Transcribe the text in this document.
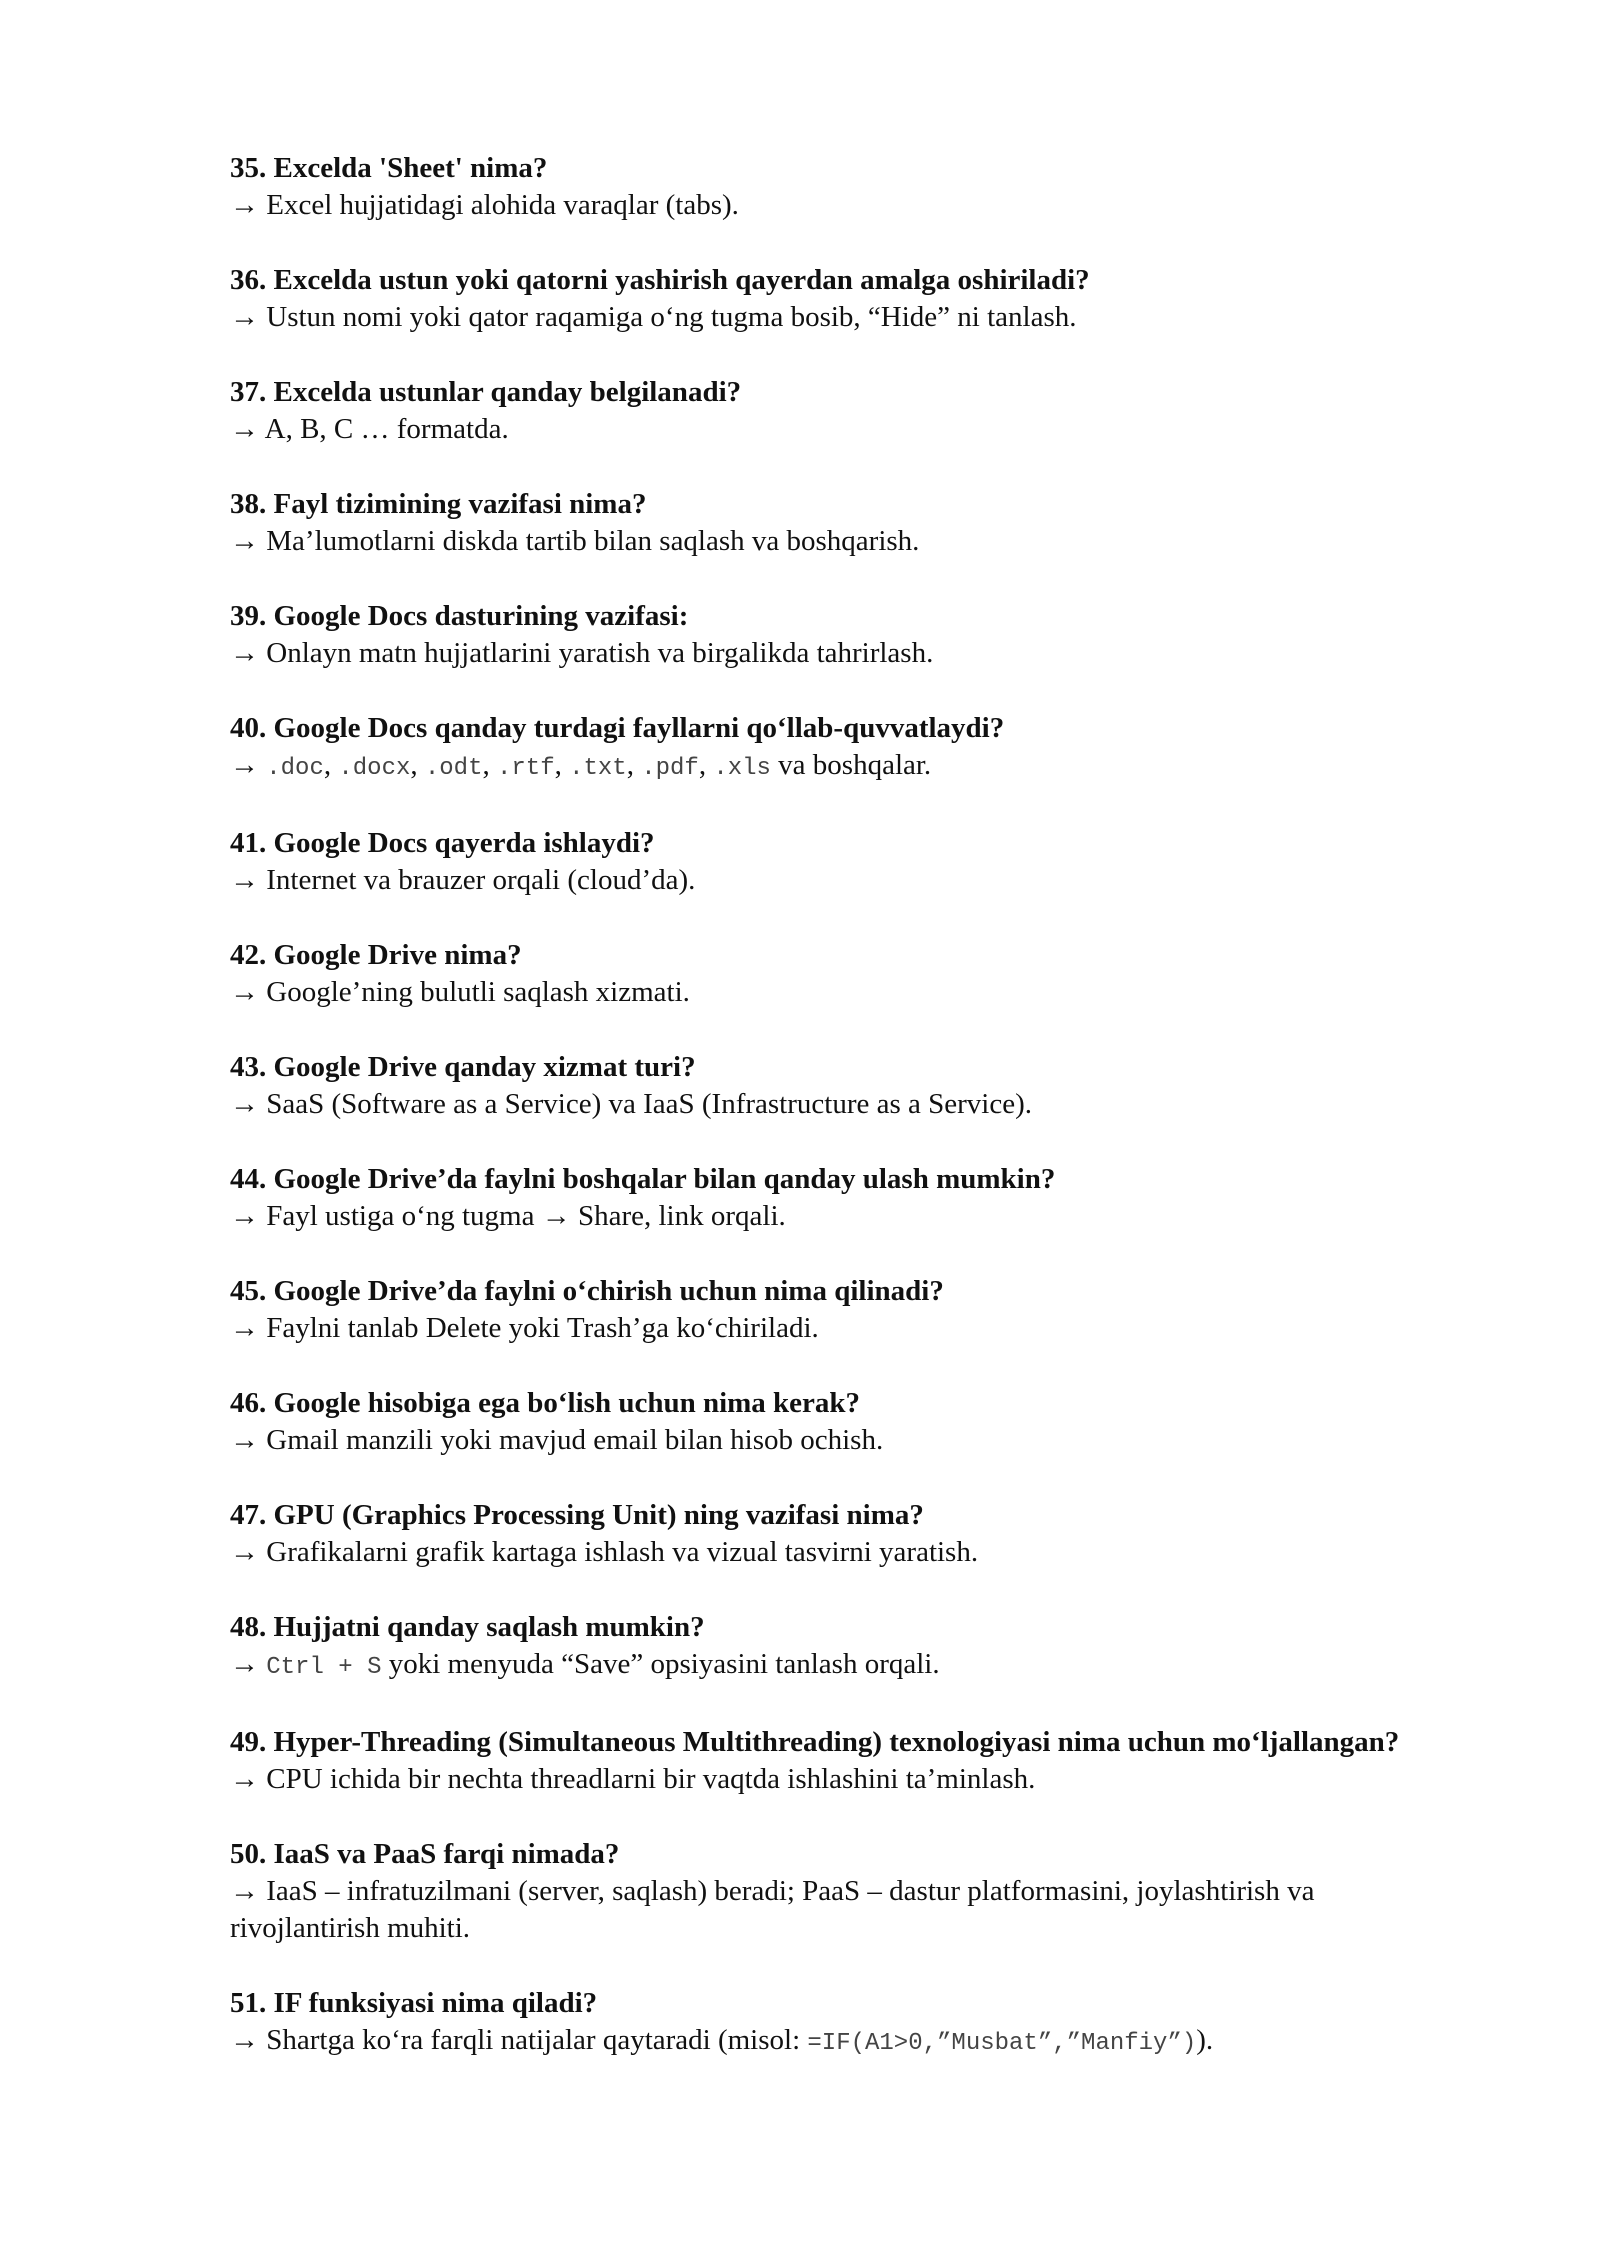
35. Excelda 'Sheet' nima?
→ Excel hujjatidagi alohida varaqlar (tabs).
36. Excelda ustun yoki qatorni yashirish qayerdan amalga oshiriladi?
→ Ustun nomi yoki qator raqamiga o‘ng tugma bosib, “Hide” ni tanlash.
37. Excelda ustunlar qanday belgilanadi?
→ A, B, C … formatda.
38. Fayl tizimining vazifasi nima?
→ Ma’lumotlarni diskda tartib bilan saqlash va boshqarish.
39. Google Docs dasturining vazifasi:
→ Onlayn matn hujjatlarini yaratish va birgalikda tahrirlash.
40. Google Docs qanday turdagi fayllarni qo‘llab-quvvatlaydi?
→ .doc, .docx, .odt, .rtf, .txt, .pdf, .xls va boshqalar.
41. Google Docs qayerda ishlaydi?
→ Internet va brauzer orqali (cloud’da).
42. Google Drive nima?
→ Google’ning bulutli saqlash xizmati.
43. Google Drive qanday xizmat turi?
→ SaaS (Software as a Service) va IaaS (Infrastructure as a Service).
44. Google Drive’da faylni boshqalar bilan qanday ulash mumkin?
→ Fayl ustiga o‘ng tugma → Share, link orqali.
45. Google Drive’da faylni o‘chirish uchun nima qilinadi?
→ Faylni tanlab Delete yoki Trash’ga ko‘chiriladi.
46. Google hisobiga ega bo‘lish uchun nima kerak?
→ Gmail manzili yoki mavjud email bilan hisob ochish.
47. GPU (Graphics Processing Unit) ning vazifasi nima?
→ Grafikalarni grafik kartaga ishlash va vizual tasvirni yaratish.
48. Hujjatni qanday saqlash mumkin?
→ Ctrl + S yoki menyuda “Save” opsiyasini tanlash orqali.
49. Hyper-Threading (Simultaneous Multithreading) texnologiyasi nima uchun mo‘ljallangan?
→ CPU ichida bir nechta threadlarni bir vaqtda ishlashini ta’minlash.
50. IaaS va PaaS farqi nimada?
→ IaaS – infratuzilmani (server, saqlash) beradi; PaaS – dastur platformasini, joylashtirish va rivojlantirish muhiti.
51. IF funksiyasi nima qiladi?
→ Shartga ko‘ra farqli natijalar qaytaradi (misol: =IF(A1>0,”Musbat”,”Manfiy”)).
